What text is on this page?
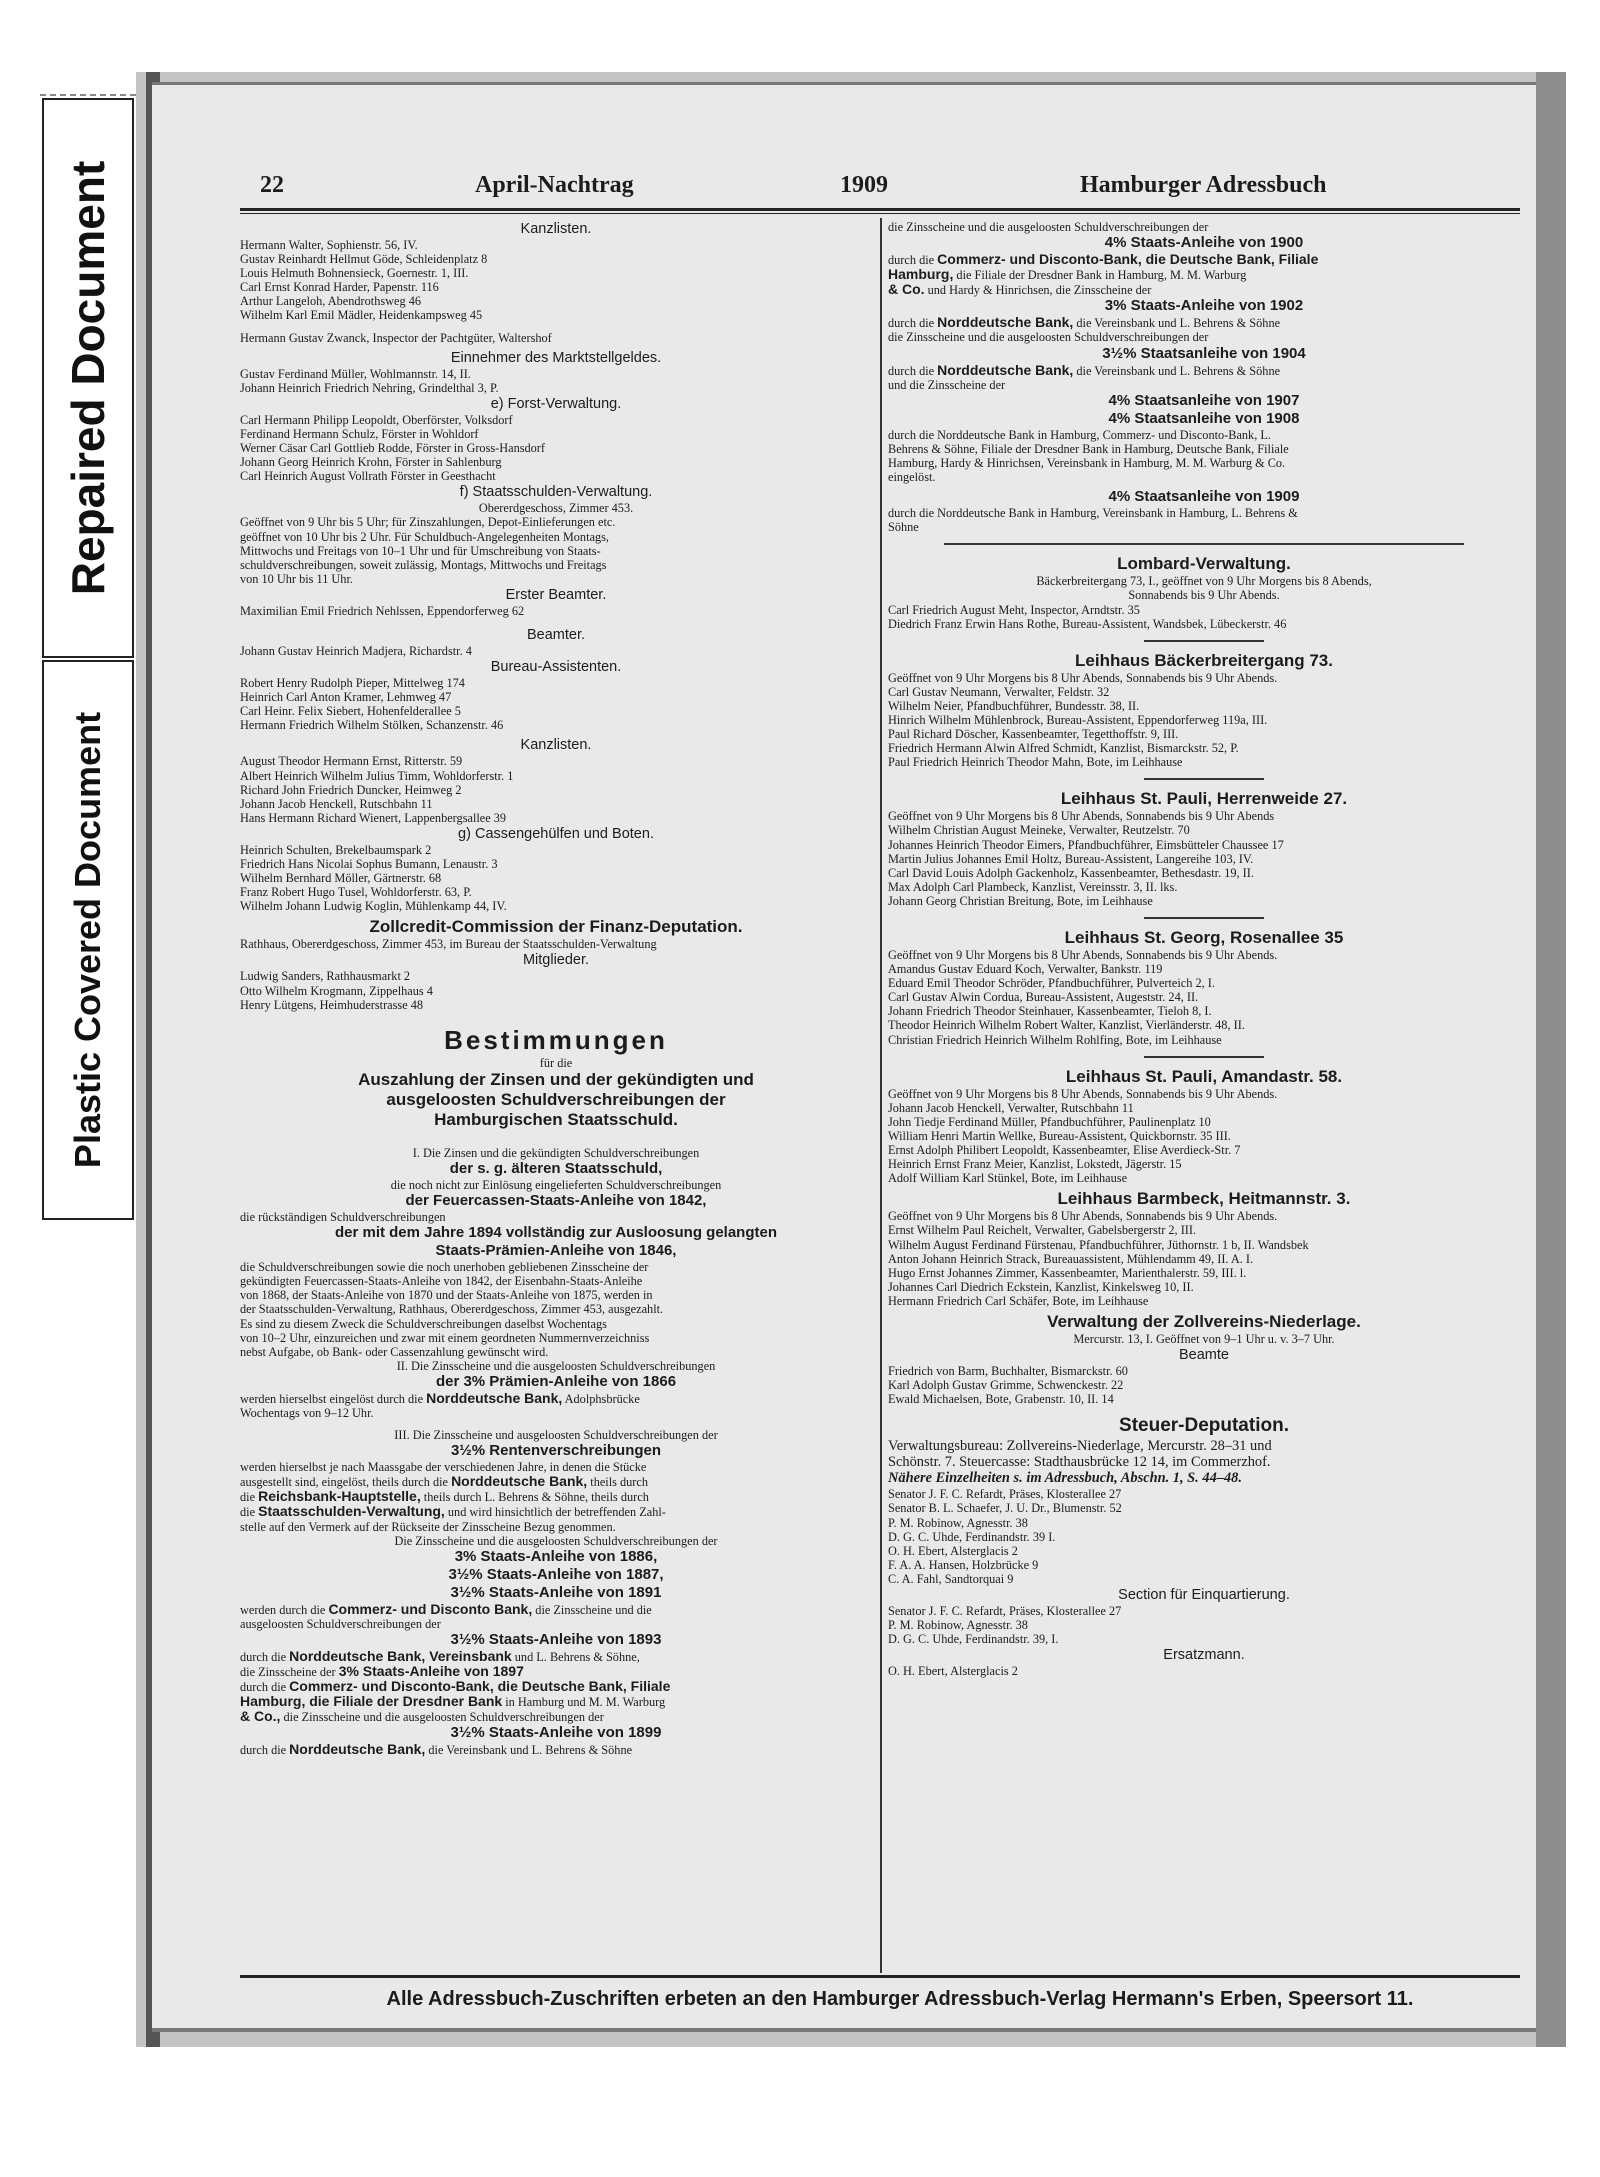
Repaired Document
Plastic Covered Document
22	April-Nachtrag	1909	Hamburger Adressbuch
Kanzlisten.
Hermann Walter, Sophienstr. 56, IV.
Gustav Reinhardt Hellmut Göde, Schleidenplatz 8
Louis Helmuth Bohnensieck, Goernestr. 1, III.
Carl Ernst Konrad Harder, Papenstr. 116
Arthur Langeloh, Abendrothsweg 46
Wilhelm Karl Emil Mädler, Heidenkampsweg 45
Hermann Gustav Zwanck, Inspector der Pachtgüter, Waltershof
Einnehmer des Marktstellgeldes.
Gustav Ferdinand Müller, Wohlmannstr. 14, II.
Johann Heinrich Friedrich Nehring, Grindelthal 3, P.
e) Forst-Verwaltung.
Carl Hermann Philipp Leopoldt, Oberförster, Volksdorf
Ferdinand Hermann Schulz, Förster in Wohldorf
Werner Cäsar Carl Gottlieb Rodde, Förster in Gross-Hansdorf
Johann Georg Heinrich Krohn, Förster in Sahlenburg
Carl Heinrich August Vollrath Förster in Geesthacht
f) Staatsschulden-Verwaltung.
Obererdgeschoss, Zimmer 453.
Geöffnet von 9 Uhr bis 5 Uhr; für Zinszahlungen, Depot-Einlieferungen etc.
geöffnet von 10 Uhr bis 2 Uhr. Für Schuldbuch-Angelegenheiten Montags,
Mittwochs und Freitags von 10–1 Uhr und für Umschreibung von Staats-
schuldverschreibungen, soweit zulässig, Montags, Mittwochs und Freitags
von 10 Uhr bis 11 Uhr.
Erster Beamter.
Maximilian Emil Friedrich Nehlssen, Eppendorferweg 62
Beamter.
Johann Gustav Heinrich Madjera, Richardstr. 4
Bureau-Assistenten.
Robert Henry Rudolph Pieper, Mittelweg 174
Heinrich Carl Anton Kramer, Lehmweg 47
Carl Heinr. Felix Siebert, Hohenfelderallee 5
Hermann Friedrich Wilhelm Stölken, Schanzenstr. 46
Kanzlisten.
August Theodor Hermann Ernst, Ritterstr. 59
Albert Heinrich Wilhelm Julius Timm, Wohldorferstr. 1
Richard John Friedrich Duncker, Heimweg 2
Johann Jacob Henckell, Rutschbahn 11
Hans Hermann Richard Wienert, Lappenbergsallee 39
g) Cassengehülfen und Boten.
Heinrich Schulten, Brekelbaumspark 2
Friedrich Hans Nicolai Sophus Bumann, Lenaustr. 3
Wilhelm Bernhard Möller, Gärtnerstr. 68
Franz Robert Hugo Tusel, Wohldorferstr. 63, P.
Wilhelm Johann Ludwig Koglin, Mühlenkamp 44, IV.
Zollcredit-Commission der Finanz-Deputation.
Rathhaus, Obererdgeschoss, Zimmer 453, im Bureau der Staatsschulden-Verwaltung
Mitglieder.
Ludwig Sanders, Rathhausmarkt 2
Otto Wilhelm Krogmann, Zippelhaus 4
Henry Lütgens, Heimhuderstrasse 48
Bestimmungen
für die
Auszahlung der Zinsen und der gekündigten und
ausgeloosten Schuldverschreibungen der
Hamburgischen Staatsschuld.
I. Die Zinsen und die gekündigten Schuldverschreibungen
der s. g. älteren Staatsschuld,
die noch nicht zur Einlösung eingelieferten Schuldverschreibungen
der Feuercassen-Staats-Anleihe von 1842,
die rückständigen Schuldverschreibungen
der mit dem Jahre 1894 vollständig zur Ausloosung gelangten
Staats-Prämien-Anleihe von 1846,
die Schuldverschreibungen sowie die noch unerhoben gebliebenen Zinsscheine der
gekündigten Feuercassen-Staats-Anleihe von 1842, der Eisenbahn-Staats-Anleihe
von 1868, der Staats-Anleihe von 1870 und der Staats-Anleihe von 1875, werden in
der Staatsschulden-Verwaltung, Rathhaus, Obererdgeschoss, Zimmer 453, ausgezahlt.
Es sind zu diesem Zweck die Schuldverschreibungen daselbst Wochentags
von 10–2 Uhr, einzureichen und zwar mit einem geordneten Nummernverzeichniss
nebst Aufgabe, ob Bank- oder Cassenzahlung gewünscht wird.
II. Die Zinsscheine und die ausgeloosten Schuldverschreibungen
der 3% Prämien-Anleihe von 1866
werden hierselbst eingelöst durch die Norddeutsche Bank, Adolphsbrücke
Wochentags von 9–12 Uhr.
III. Die Zinsscheine und ausgeloosten Schuldverschreibungen der
3½% Rentenverschreibungen
werden hierselbst je nach Maassgabe der verschiedenen Jahre, in denen die Stücke
ausgestellt sind, eingelöst, theils durch die Norddeutsche Bank, theils durch
die Reichsbank-Hauptstelle, theils durch L. Behrens & Söhne, theils durch
die Staatsschulden-Verwaltung, und wird hinsichtlich der betreffenden Zahl-
stelle auf den Vermerk auf der Rückseite der Zinsscheine Bezug genommen.
Die Zinsscheine und die ausgeloosten Schuldverschreibungen der
3% Staats-Anleihe von 1886,
3½% Staats-Anleihe von 1887,
3½% Staats-Anleihe von 1891
werden durch die Commerz- und Disconto Bank, die Zinsscheine und die
ausgeloosten Schuldverschreibungen der
3½% Staats-Anleihe von 1893
durch die Norddeutsche Bank, Vereinsbank und L. Behrens & Söhne,
die Zinsscheine der 3% Staats-Anleihe von 1897
durch die Commerz- und Disconto-Bank, die Deutsche Bank, Filiale
Hamburg, die Filiale der Dresdner Bank in Hamburg und M. M. Warburg
& Co., die Zinsscheine und die ausgeloosten Schuldverschreibungen der
3½% Staats-Anleihe von 1899
durch die Norddeutsche Bank, die Vereinsbank und L. Behrens & Söhne
die Zinsscheine und die ausgeloosten Schuldverschreibungen der
4% Staats-Anleihe von 1900
durch die Commerz- und Disconto-Bank, die Deutsche Bank, Filiale
Hamburg, die Filiale der Dresdner Bank in Hamburg, M. M. Warburg
& Co. und Hardy & Hinrichsen, die Zinsscheine der
3% Staats-Anleihe von 1902
durch die Norddeutsche Bank, die Vereinsbank und L. Behrens & Söhne
die Zinsscheine und die ausgeloosten Schuldverschreibungen der
3½% Staatsanleihe von 1904
durch die Norddeutsche Bank, die Vereinsbank und L. Behrens & Söhne
und die Zinsscheine der
4% Staatsanleihe von 1907
4% Staatsanleihe von 1908
durch die Norddeutsche Bank in Hamburg, Commerz- und Disconto-Bank, L.
Behrens & Söhne, Filiale der Dresdner Bank in Hamburg, Deutsche Bank, Filiale
Hamburg, Hardy & Hinrichsen, Vereinsbank in Hamburg, M. M. Warburg & Co.
eingelöst.
4% Staatsanleihe von 1909
durch die Norddeutsche Bank in Hamburg, Vereinsbank in Hamburg, L. Behrens &
Söhne
Lombard-Verwaltung.
Bäckerbreitergang 73, I., geöffnet von 9 Uhr Morgens bis 8 Abends,
Sonnabends bis 9 Uhr Abends.
Carl Friedrich August Meht, Inspector, Arndtstr. 35
Diedrich Franz Erwin Hans Rothe, Bureau-Assistent, Wandsbek, Lübeckerstr. 46
Leihhaus Bäckerbreitergang 73.
Geöffnet von 9 Uhr Morgens bis 8 Uhr Abends, Sonnabends bis 9 Uhr Abends.
Carl Gustav Neumann, Verwalter, Feldstr. 32
Wilhelm Neier, Pfandbuchführer, Bundesstr. 38, II.
Hinrich Wilhelm Mühlenbrock, Bureau-Assistent, Eppendorferweg 119a, III.
Paul Richard Döscher, Kassenbeamter, Tegetthoffstr. 9, III.
Friedrich Hermann Alwin Alfred Schmidt, Kanzlist, Bismarckstr. 52, P.
Paul Friedrich Heinrich Theodor Mahn, Bote, im Leihhause
Leihhaus St. Pauli, Herrenweide 27.
Geöffnet von 9 Uhr Morgens bis 8 Uhr Abends, Sonnabends bis 9 Uhr Abends
Wilhelm Christian August Meineke, Verwalter, Reutzelstr. 70
Johannes Heinrich Theodor Eimers, Pfandbuchführer, Eimsbütteler Chaussee 17
Martin Julius Johannes Emil Holtz, Bureau-Assistent, Langereihe 103, IV.
Carl David Louis Adolph Gackenholz, Kassenbeamter, Bethesdastr. 19, II.
Max Adolph Carl Plambeck, Kanzlist, Vereinsstr. 3, II. lks.
Johann Georg Christian Breitung, Bote, im Leihhause
Leihhaus St. Georg, Rosenallee 35
Geöffnet von 9 Uhr Morgens bis 8 Uhr Abends, Sonnabends bis 9 Uhr Abends.
Amandus Gustav Eduard Koch, Verwalter, Bankstr. 119
Eduard Emil Theodor Schröder, Pfandbuchführer, Pulverteich 2, I.
Carl Gustav Alwin Cordua, Bureau-Assistent, Augeststr. 24, II.
Johann Friedrich Theodor Steinhauer, Kassenbeamter, Tieloh 8, I.
Theodor Heinrich Wilhelm Robert Walter, Kanzlist, Vierländerstr. 48, II.
Christian Friedrich Heinrich Wilhelm Rohlfing, Bote, im Leihhause
Leihhaus St. Pauli, Amandastr. 58.
Geöffnet von 9 Uhr Morgens bis 8 Uhr Abends, Sonnabends bis 9 Uhr Abends.
Johann Jacob Henckell, Verwalter, Rutschbahn 11
John Tiedje Ferdinand Müller, Pfandbuchführer, Paulinenplatz 10
William Henri Martin Wellke, Bureau-Assistent, Quickbornstr. 35 III.
Ernst Adolph Philibert Leopoldt, Kassenbeamter, Elise Averdieck-Str. 7
Heinrich Ernst Franz Meier, Kanzlist, Lokstedt, Jägerstr. 15
Adolf William Karl Stünkel, Bote, im Leihhause
Leihhaus Barmbeck, Heitmannstr. 3.
Geöffnet von 9 Uhr Morgens bis 8 Uhr Abends, Sonnabends bis 9 Uhr Abends.
Ernst Wilhelm Paul Reichelt, Verwalter, Gabelsbergerstr 2, III.
Wilhelm August Ferdinand Fürstenau, Pfandbuchführer, Jüthornstr. 1 b, II. Wandsbek
Anton Johann Heinrich Strack, Bureauassistent, Mühlendamm 49, II. A. I.
Hugo Ernst Johannes Zimmer, Kassenbeamter, Marienthalerstr. 59, III. l.
Johannes Carl Diedrich Eckstein, Kanzlist, Kinkelsweg 10, II.
Hermann Friedrich Carl Schäfer, Bote, im Leihhause
Verwaltung der Zollvereins-Niederlage.
Mercurstr. 13, I. Geöffnet von 9–1 Uhr u. v. 3–7 Uhr.
Beamte
Friedrich von Barm, Buchhalter, Bismarckstr. 60
Karl Adolph Gustav Grimme, Schwenckestr. 22
Ewald Michaelsen, Bote, Grabenstr. 10, II. 14
Steuer-Deputation.
Verwaltungsbureau: Zollvereins-Niederlage, Mercurstr. 28–31 und
Schönstr. 7. Steuercasse: Stadthausbrücke 12 14, im Commerzhof.
Nähere Einzelheiten s. im Adressbuch, Abschn. 1, S. 44–48.
Senator J. F. C. Refardt, Präses, Klosterallee 27
Senator B. L. Schaefer, J. U. Dr., Blumenstr. 52
P. M. Robinow, Agnesstr. 38
D. G. C. Uhde, Ferdinandstr. 39 I.
O. H. Ebert, Alsterglacis 2
F. A. A. Hansen, Holzbrücke 9
C. A. Fahl, Sandtorquai 9
Section für Einquartierung.
Senator J. F. C. Refardt, Präses, Klosterallee 27
P. M. Robinow, Agnesstr. 38
D. G. C. Uhde, Ferdinandstr. 39, I.
Ersatzmann.
O. H. Ebert, Alsterglacis 2
Alle Adressbuch-Zuschriften erbeten an den Hamburger Adressbuch-Verlag Hermann's Erben, Speersort 11.
